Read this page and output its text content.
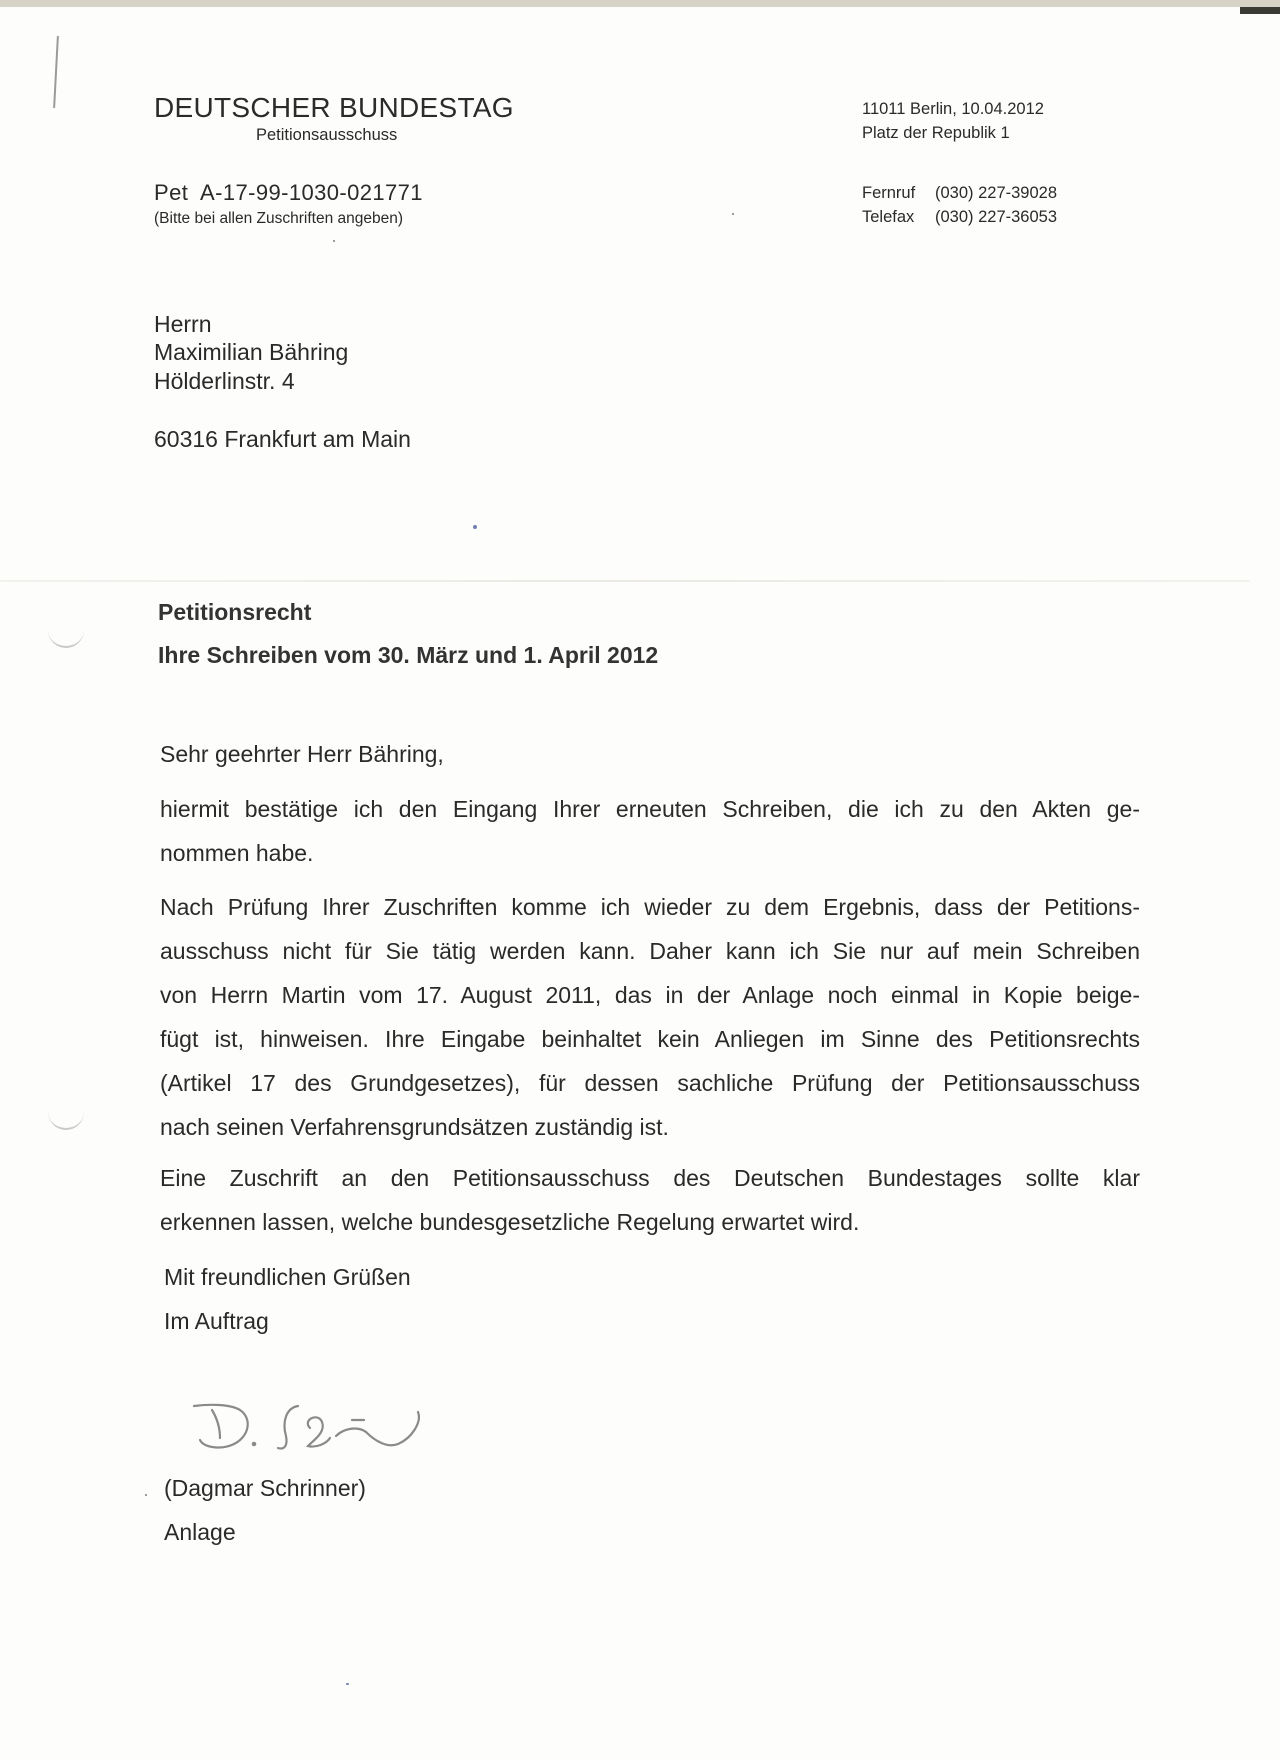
DEUTSCHER BUNDESTAG
Petitionsausschuss
Pet  A-17-99-1030-021771
(Bitte bei allen Zuschriften angeben)
11011 Berlin, 10.04.2012
Platz der Republik 1
Fernruf (030) 227-39028
Telefax (030) 227-36053
Herrn
Maximilian Bähring
Hölderlinstr. 4
60316 Frankfurt am Main
Petitionsrecht
Ihre Schreiben vom 30. März und 1. April 2012
Sehr geehrter Herr Bähring,
hiermit bestätige ich den Eingang Ihrer erneuten Schreiben, die ich zu den Akten ge-
nommen habe.
Nach Prüfung Ihrer Zuschriften komme ich wieder zu dem Ergebnis, dass der Petitions-
ausschuss nicht für Sie tätig werden kann. Daher kann ich Sie nur auf mein Schreiben
von Herrn Martin vom 17. August 2011, das in der Anlage noch einmal in Kopie beige-
fügt ist, hinweisen. Ihre Eingabe beinhaltet kein Anliegen im Sinne des Petitionsrechts
(Artikel 17 des Grundgesetzes), für dessen sachliche Prüfung der Petitionsausschuss
nach seinen Verfahrensgrundsätzen zuständig ist.
Eine Zuschrift an den Petitionsausschuss des Deutschen Bundestages sollte klar
erkennen lassen, welche bundesgesetzliche Regelung erwartet wird.
Mit freundlichen Grüßen
Im Auftrag
(Dagmar Schrinner)
Anlage
